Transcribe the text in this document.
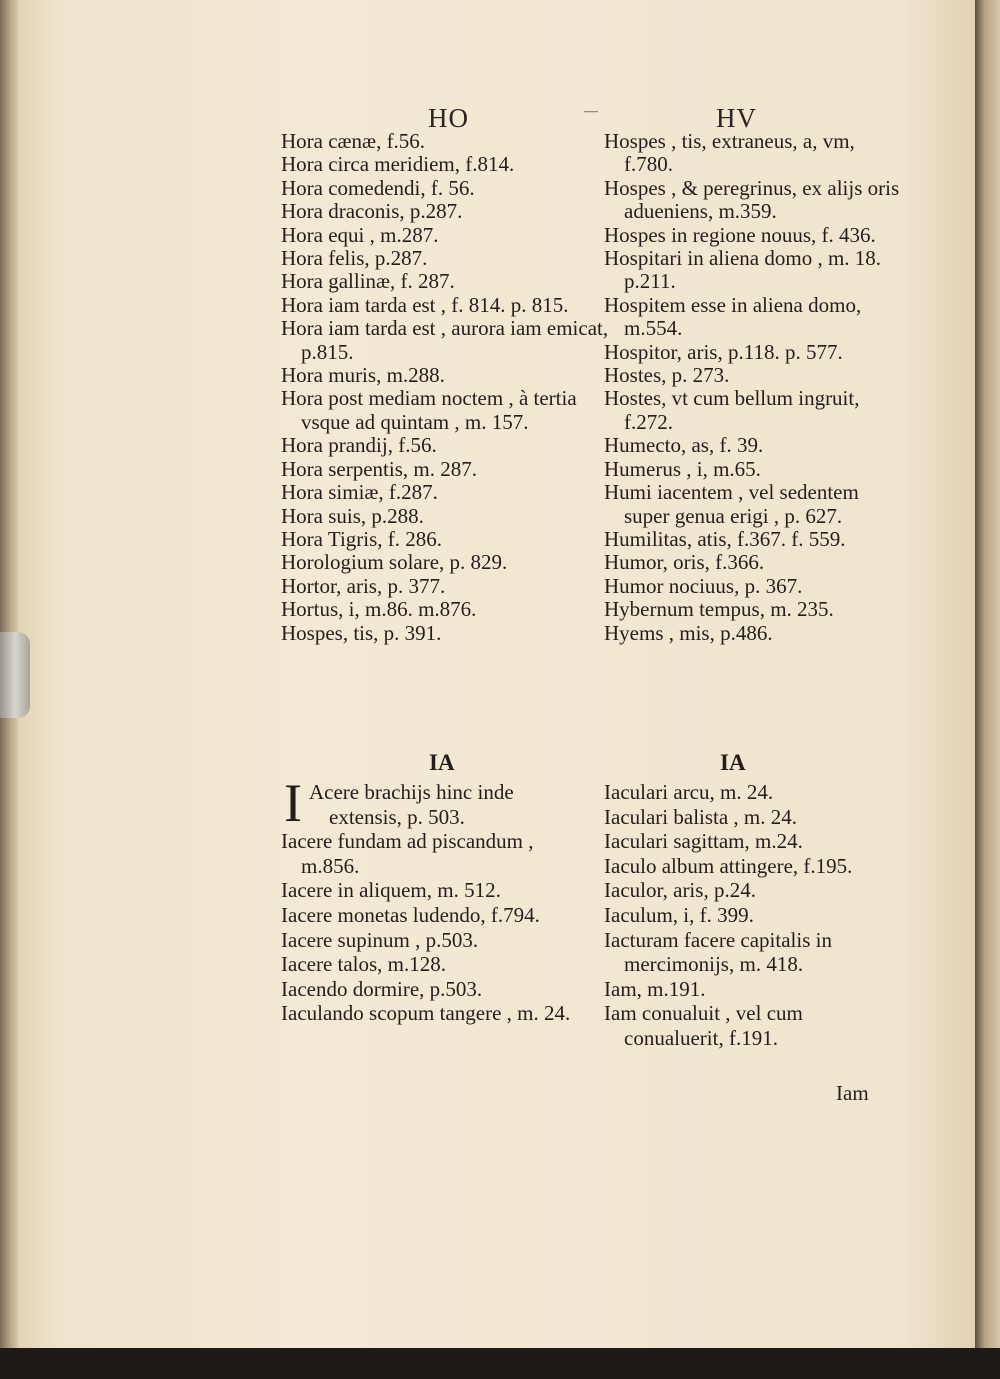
HO	—	HV

Hora cænæ, f.56.

Hora circa meridiem, f.814.

Hora comedendi, f. 56.

Hora draconis, p.287.

Hora equi , m.287.

Hora felis, p.287.

Hora gallinæ, f. 287.

Hora iam tarda est , f. 814. p. 815.

Hora iam tarda est , aurora iam emicat, p.815.

Hora muris, m.288.

Hora post mediam noctem , à tertia vsque ad quintam , m. 157.

Hora prandij, f.56.

Hora serpentis, m. 287.

Hora simiæ, f.287.

Hora suis, p.288.

Hora Tigris, f. 286.

Horologium solare, p. 829.

Hortor, aris, p. 377.

Hortus, i, m.86. m.876.

Hospes, tis, p. 391.

Hospes , tis, extraneus, a, vm, f.780.

Hospes , & peregrinus, ex alijs oris adueniens, m.359.

Hospes in regione nouus, f. 436.

Hospitari in aliena domo , m. 18. p.211.

Hospitem esse in aliena domo, m.554.

Hospitor, aris, p.118. p. 577.

Hostes, p. 273.

Hostes, vt cum bellum ingruit, f.272.

Humecto, as, f. 39.

Humerus , i, m.65.

Humi iacentem , vel sedentem super genua erigi , p. 627.

Humilitas, atis, f.367. f. 559.

Humor, oris, f.366.

Humor nociuus, p. 367.

Hybernum tempus, m. 235.

Hyems , mis, p.486.

IA	IA
I Acere brachijs hinc inde extensis, p. 503.

Iacere fundam ad piscandum , m.856.

Iacere in aliquem, m. 512.

Iacere monetas ludendo, f.794.

Iacere supinum , p.503.

Iacere talos, m.128.

Iacendo dormire, p.503.

Iaculando scopum tangere , m. 24.

Iaculari arcu, m. 24.

Iaculari balista , m. 24.

Iaculari sagittam, m.24.

Iaculo album attingere, f.195.

Iaculor, aris, p.24.

Iaculum, i, f. 399.

Iacturam facere capitalis in mercimonijs, m. 418.

Iam, m.191.

Iam conualuit , vel cum conualuerit, f.191.

Iam
